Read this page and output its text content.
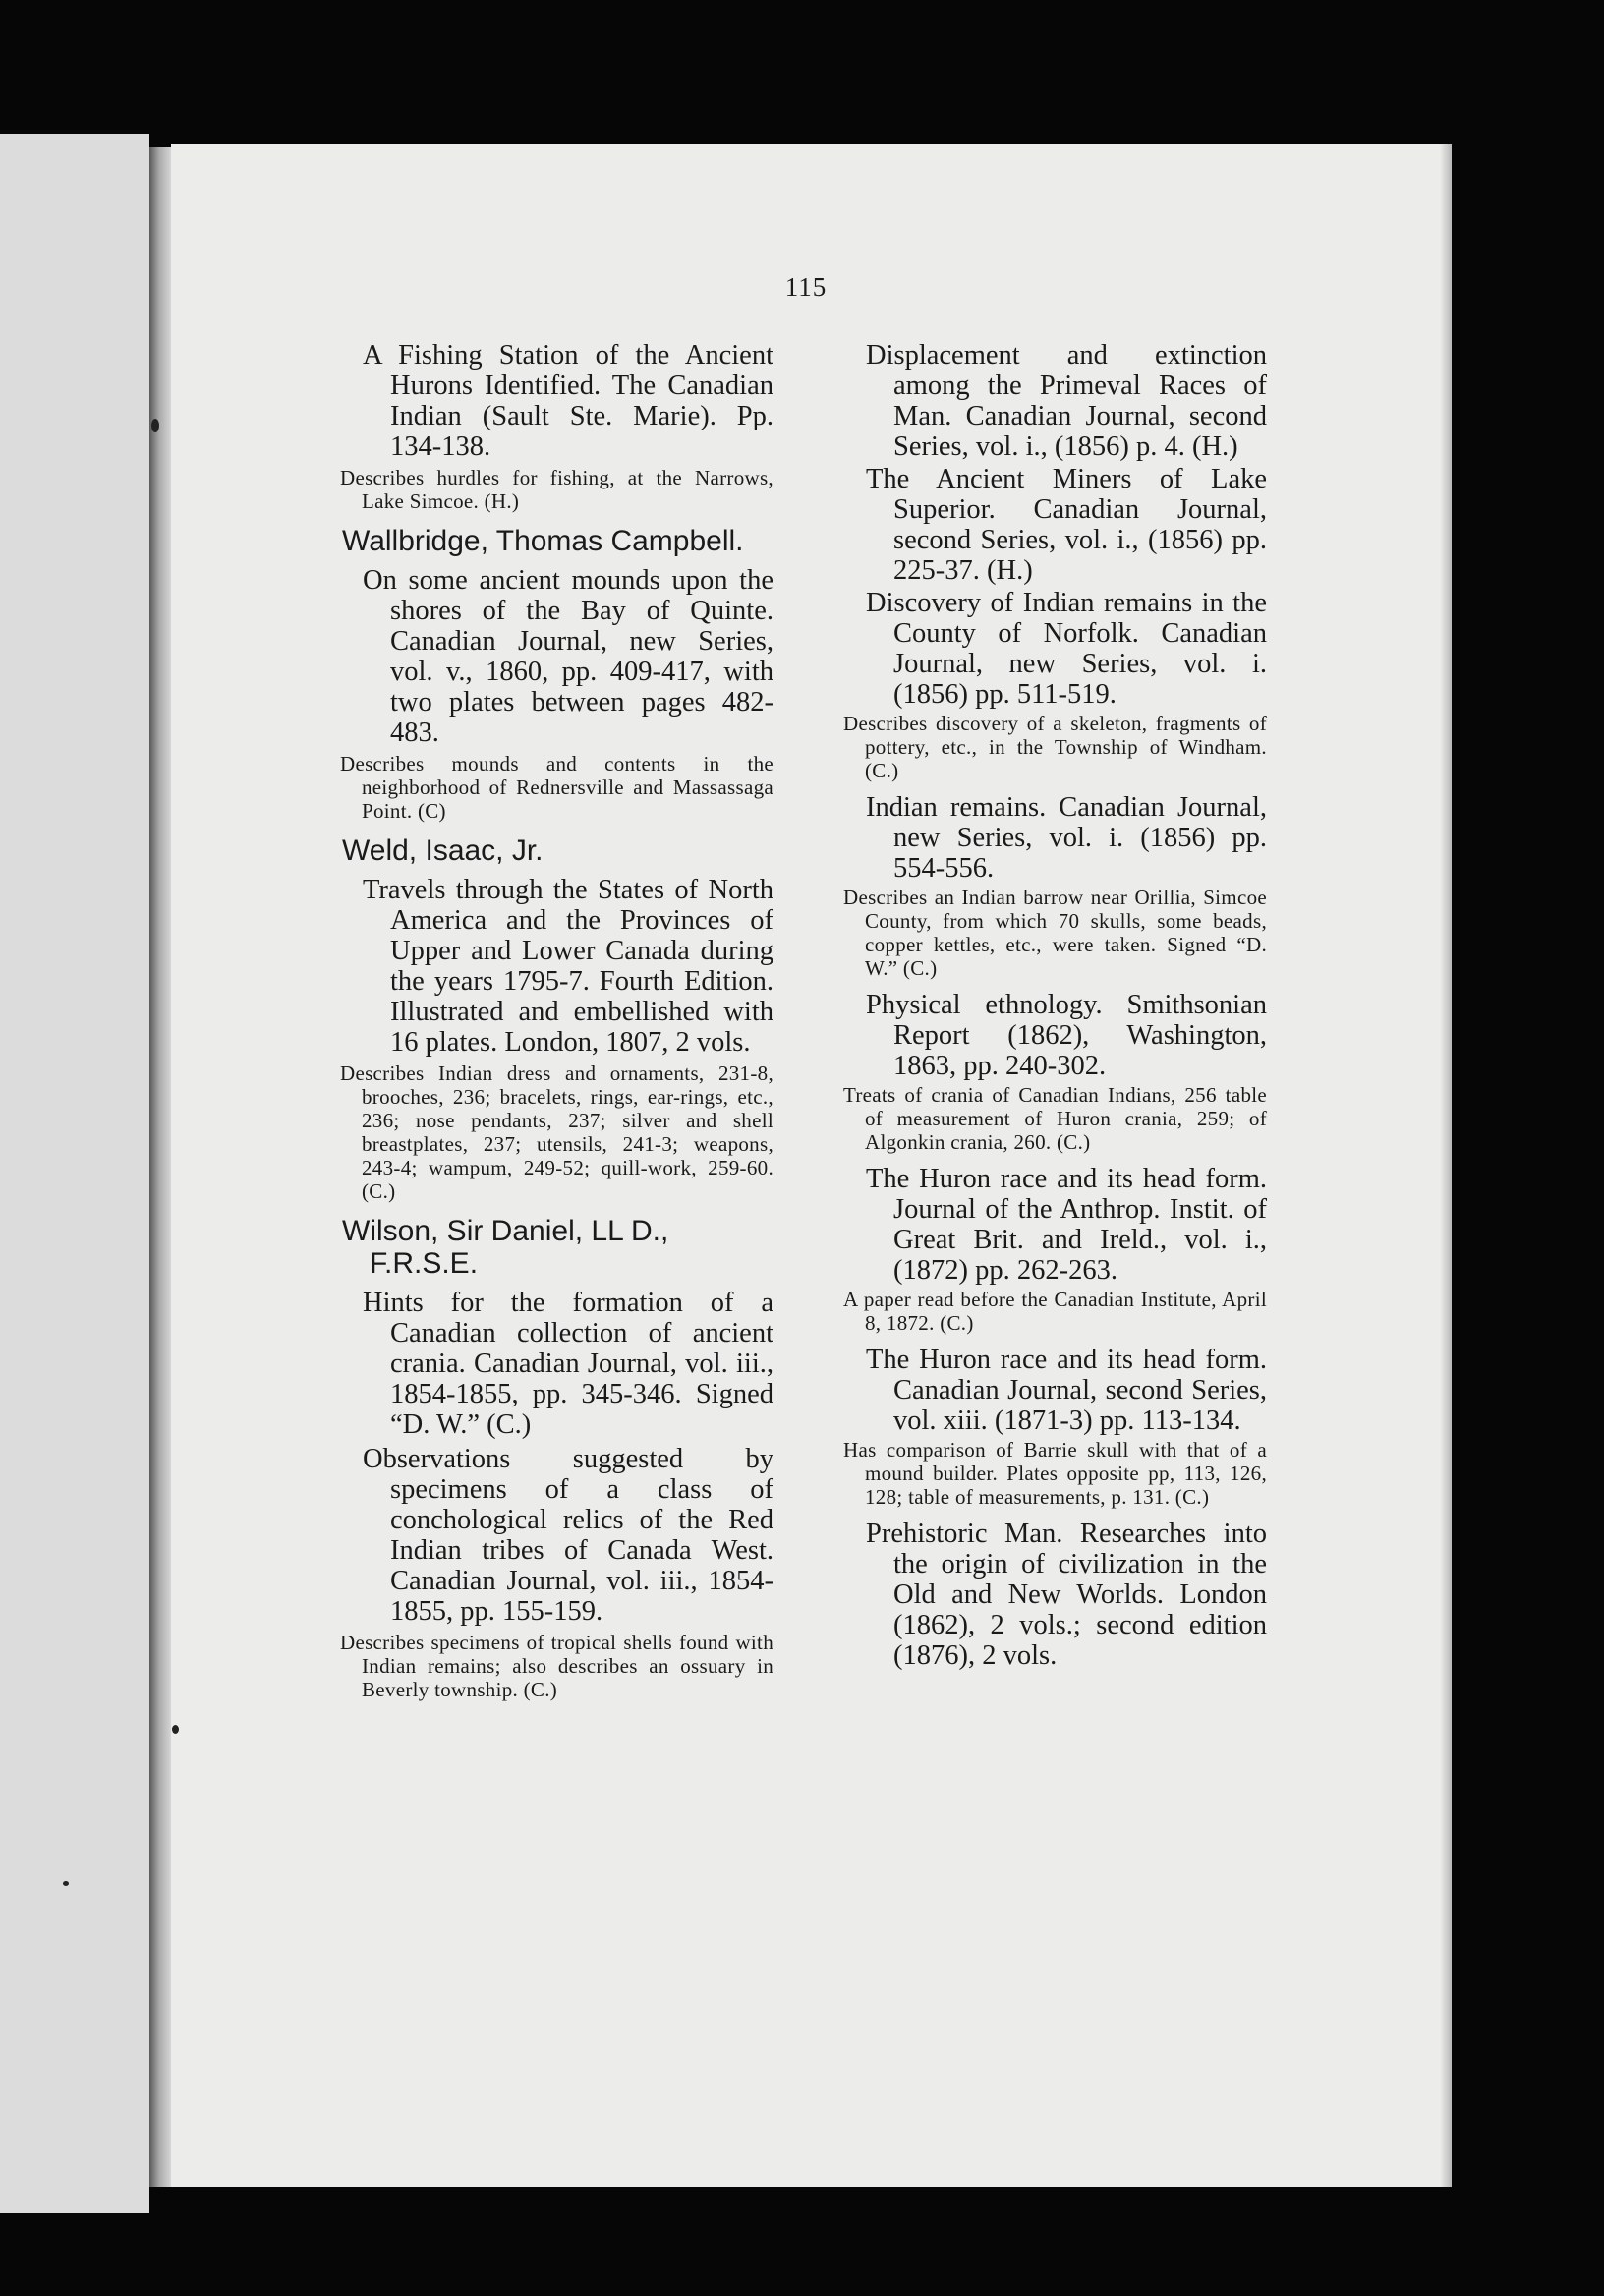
115

A Fishing Station of the Ancient Hurons Identified. The Canadian Indian (Sault Ste. Marie). Pp. 134-138.

Describes hurdles for fishing, at the Narrows, Lake Simcoe. (H.)

Wallbridge, Thomas Campbell.

On some ancient mounds upon the shores of the Bay of Quinte. Canadian Journal, new Series, vol. v., 1860, pp. 409-417, with two plates between pages 482-483.

Describes mounds and contents in the neighborhood of Rednersville and Massassaga Point. (C)

Weld, Isaac, Jr.

Travels through the States of North America and the Provinces of Upper and Lower Canada during the years 1795-7. Fourth Edition. Illustrated and embellished with 16 plates. London, 1807, 2 vols.

Describes Indian dress and ornaments, 231-8, brooches, 236; bracelets, rings, ear-rings, etc., 236; nose pendants, 237; silver and shell breastplates, 237; utensils, 241-3; weapons, 243-4; wampum, 249-52; quill-work, 259-60. (C.)

Wilson, Sir Daniel, LL D., F.R.S.E.

Hints for the formation of a Canadian collection of ancient crania. Canadian Journal, vol. iii., 1854-1855, pp. 345-346. Signed “D. W.” (C.)

Observations suggested by specimens of a class of conchological relics of the Red Indian tribes of Canada West. Canadian Journal, vol. iii., 1854-1855, pp. 155-159.

Describes specimens of tropical shells found with Indian remains; also describes an ossuary in Beverly township. (C.)

Displacement and extinction among the Primeval Races of Man. Canadian Journal, second Series, vol. i., (1856) p. 4. (H.)

The Ancient Miners of Lake Superior. Canadian Journal, second Series, vol. i., (1856) pp. 225-37. (H.)

Discovery of Indian remains in the County of Norfolk. Canadian Journal, new Series, vol. i. (1856) pp. 511-519.

Describes discovery of a skeleton, fragments of pottery, etc., in the Township of Windham. (C.)

Indian remains. Canadian Journal, new Series, vol. i. (1856) pp. 554-556.

Describes an Indian barrow near Orillia, Simcoe County, from which 70 skulls, some beads, copper kettles, etc., were taken. Signed “D. W.” (C.)

Physical ethnology. Smithsonian Report (1862), Washington, 1863, pp. 240-302.

Treats of crania of Canadian Indians, 256 table of measurement of Huron crania, 259; of Algonkin crania, 260. (C.)

The Huron race and its head form. Journal of the Anthrop. Instit. of Great Brit. and Ireld., vol. i., (1872) pp. 262-263.

A paper read before the Canadian Institute, April 8, 1872. (C.)

The Huron race and its head form. Canadian Journal, second Series, vol. xiii. (1871-3) pp. 113-134.

Has comparison of Barrie skull with that of a mound builder. Plates opposite pp, 113, 126, 128; table of measurements, p. 131. (C.)

Prehistoric Man. Researches into the origin of civilization in the Old and New Worlds. London (1862), 2 vols.; second edition (1876), 2 vols.
